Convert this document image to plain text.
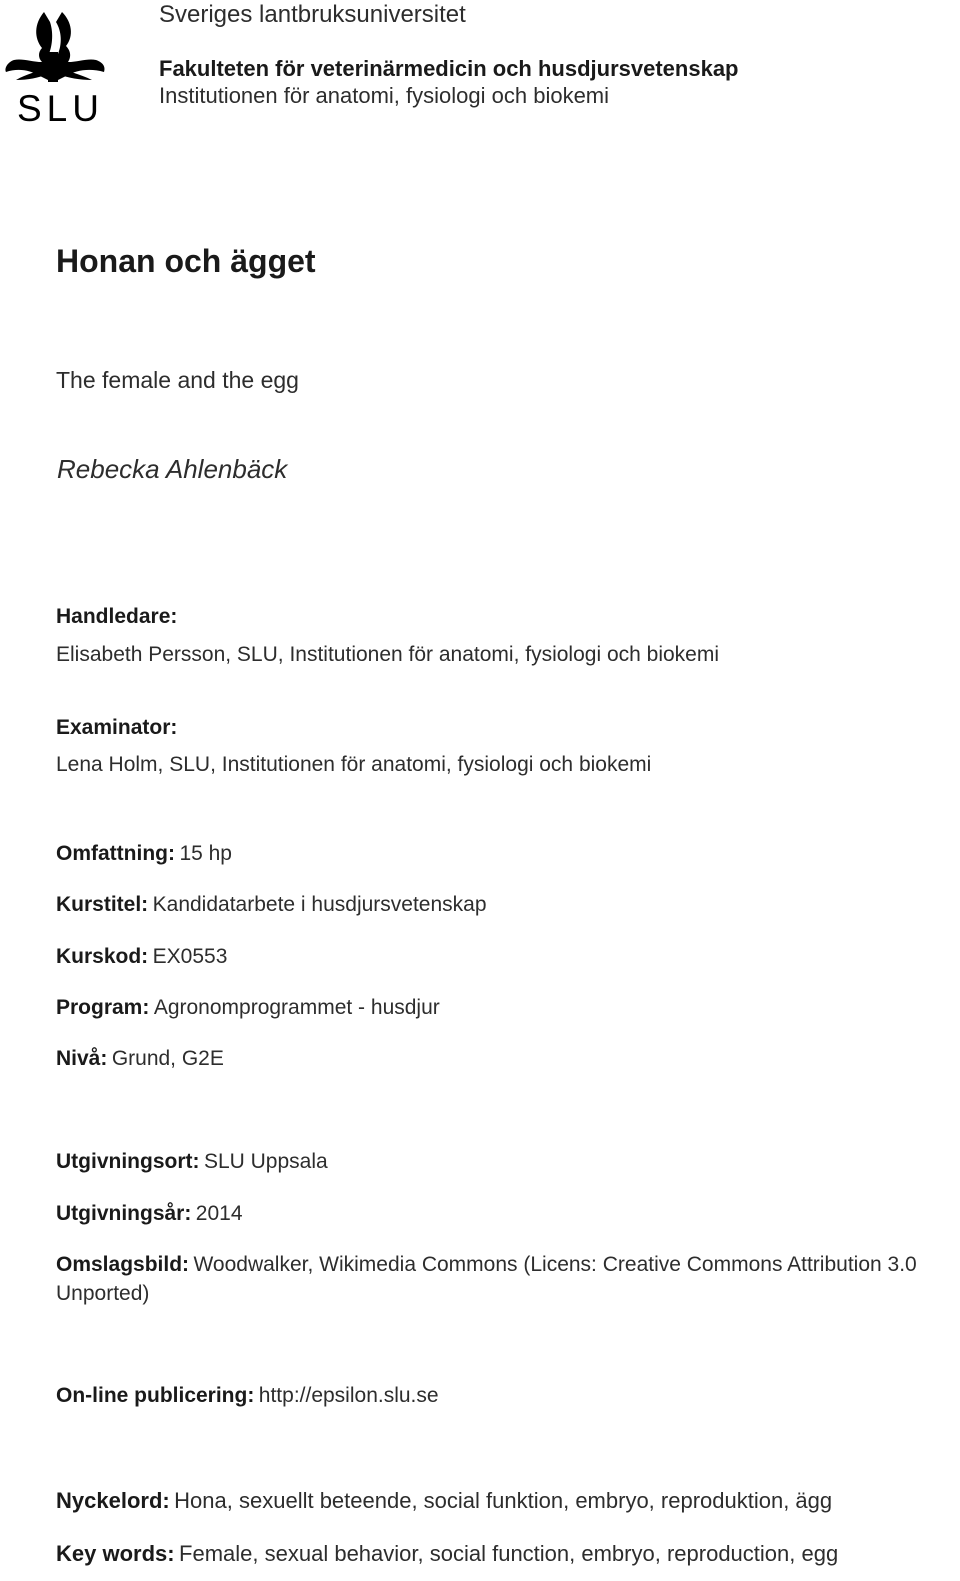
SLU
Sveriges lantbruksuniversitet
Fakulteten för veterinärmedicin och husdjursvetenskap
Institutionen för anatomi, fysiologi och biokemi
Honan och ägget
The female and the egg
Rebecka Ahlenbäck
Handledare:
Elisabeth Persson, SLU, Institutionen för anatomi, fysiologi och biokemi
Examinator:
Lena Holm, SLU, Institutionen för anatomi, fysiologi och biokemi
Omfattning: 15 hp
Kurstitel: Kandidatarbete i husdjursvetenskap
Kurskod: EX0553
Program: Agronomprogrammet - husdjur
Nivå: Grund, G2E
Utgivningsort: SLU Uppsala
Utgivningsår: 2014
Omslagsbild: Woodwalker, Wikimedia Commons (Licens: Creative Commons Attribution 3.0
Unported)
On-line publicering: http://epsilon.slu.se
Nyckelord: Hona, sexuellt beteende, social funktion, embryo, reproduktion, ägg
Key words: Female, sexual behavior, social function, embryo, reproduction, egg
